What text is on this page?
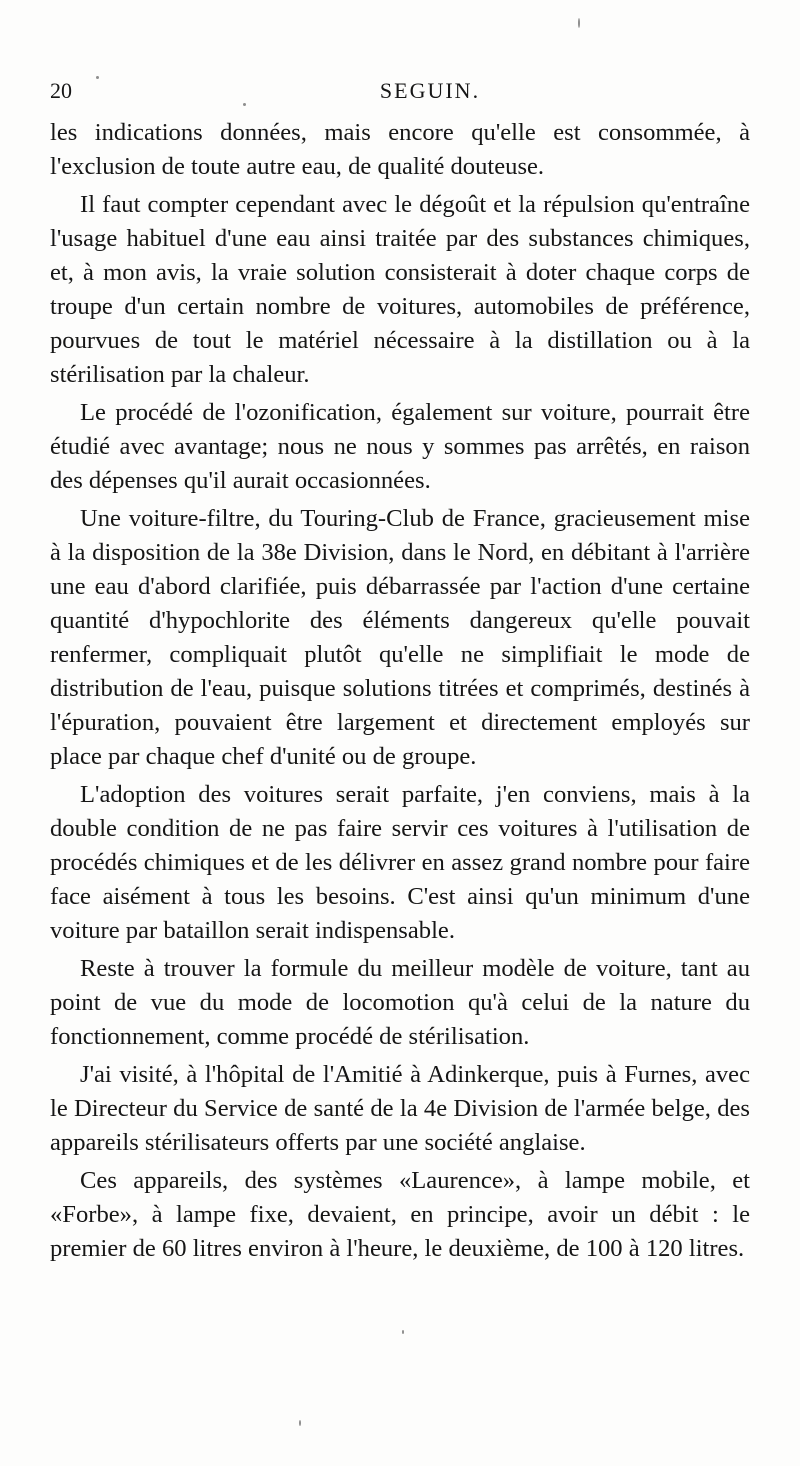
20	SEGUIN.

les indications données, mais encore qu'elle est consommée, à l'exclusion de toute autre eau, de qualité douteuse.

Il faut compter cependant avec le dégoût et la répulsion qu'entraîne l'usage habituel d'une eau ainsi traitée par des substances chimiques, et, à mon avis, la vraie solution consisterait à doter chaque corps de troupe d'un certain nombre de voitures, automobiles de préférence, pourvues de tout le matériel nécessaire à la distillation ou à la stérilisation par la chaleur.

Le procédé de l'ozonification, également sur voiture, pourrait être étudié avec avantage; nous ne nous y sommes pas arrêtés, en raison des dépenses qu'il aurait occasionnées.

Une voiture-filtre, du Touring-Club de France, gracieusement mise à la disposition de la 38e Division, dans le Nord, en débitant à l'arrière une eau d'abord clarifiée, puis débarrassée par l'action d'une certaine quantité d'hypochlorite des éléments dangereux qu'elle pouvait renfermer, compliquait plutôt qu'elle ne simplifiait le mode de distribution de l'eau, puisque solutions titrées et comprimés, destinés à l'épuration, pouvaient être largement et directement employés sur place par chaque chef d'unité ou de groupe.

L'adoption des voitures serait parfaite, j'en conviens, mais à la double condition de ne pas faire servir ces voitures à l'utilisation de procédés chimiques et de les délivrer en assez grand nombre pour faire face aisément à tous les besoins. C'est ainsi qu'un minimum d'une voiture par bataillon serait indispensable.

Reste à trouver la formule du meilleur modèle de voiture, tant au point de vue du mode de locomotion qu'à celui de la nature du fonctionnement, comme procédé de stérilisation.

J'ai visité, à l'hôpital de l'Amitié à Adinkerque, puis à Furnes, avec le Directeur du Service de santé de la 4e Division de l'armée belge, des appareils stérilisateurs offerts par une société anglaise.

Ces appareils, des systèmes «Laurence», à lampe mobile, et «Forbe», à lampe fixe, devaient, en principe, avoir un débit : le premier de 60 litres environ à l'heure, le deuxième, de 100 à 120 litres.
